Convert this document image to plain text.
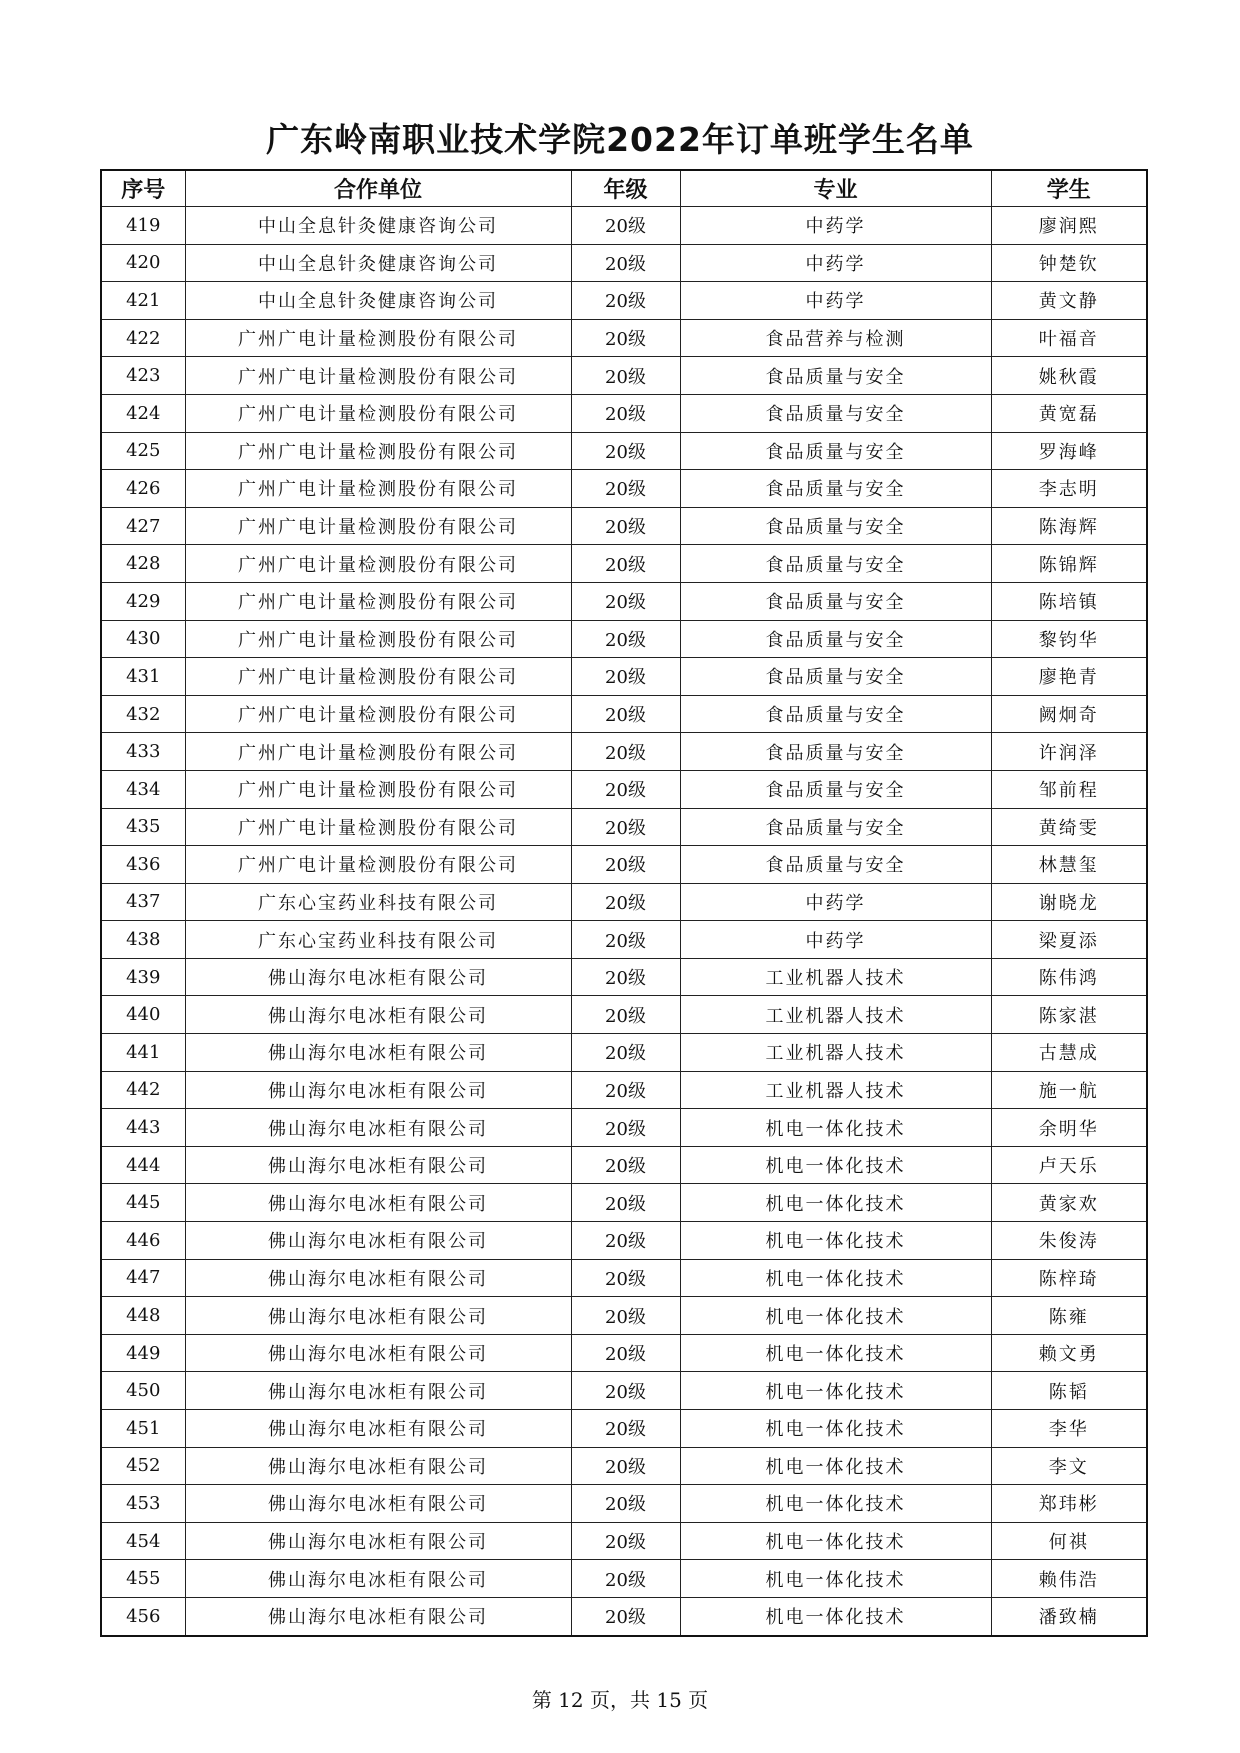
广东岭南职业技术学院2022年订单班学生名单
序号	合作单位	年级	专业	学生
419	中山全息针灸健康咨询公司	20级	中药学	廖润熙
420	中山全息针灸健康咨询公司	20级	中药学	钟楚钦
421	中山全息针灸健康咨询公司	20级	中药学	黄文静
422	广州广电计量检测股份有限公司	20级	食品营养与检测	叶福音
423	广州广电计量检测股份有限公司	20级	食品质量与安全	姚秋霞
424	广州广电计量检测股份有限公司	20级	食品质量与安全	黄宽磊
425	广州广电计量检测股份有限公司	20级	食品质量与安全	罗海峰
426	广州广电计量检测股份有限公司	20级	食品质量与安全	李志明
427	广州广电计量检测股份有限公司	20级	食品质量与安全	陈海辉
428	广州广电计量检测股份有限公司	20级	食品质量与安全	陈锦辉
429	广州广电计量检测股份有限公司	20级	食品质量与安全	陈培镇
430	广州广电计量检测股份有限公司	20级	食品质量与安全	黎钧华
431	广州广电计量检测股份有限公司	20级	食品质量与安全	廖艳青
432	广州广电计量检测股份有限公司	20级	食品质量与安全	阙炯奇
433	广州广电计量检测股份有限公司	20级	食品质量与安全	许润泽
434	广州广电计量检测股份有限公司	20级	食品质量与安全	邹前程
435	广州广电计量检测股份有限公司	20级	食品质量与安全	黄绮雯
436	广州广电计量检测股份有限公司	20级	食品质量与安全	林慧玺
437	广东心宝药业科技有限公司	20级	中药学	谢晓龙
438	广东心宝药业科技有限公司	20级	中药学	梁夏添
439	佛山海尔电冰柜有限公司	20级	工业机器人技术	陈伟鸿
440	佛山海尔电冰柜有限公司	20级	工业机器人技术	陈家湛
441	佛山海尔电冰柜有限公司	20级	工业机器人技术	古慧成
442	佛山海尔电冰柜有限公司	20级	工业机器人技术	施一航
443	佛山海尔电冰柜有限公司	20级	机电一体化技术	余明华
444	佛山海尔电冰柜有限公司	20级	机电一体化技术	卢天乐
445	佛山海尔电冰柜有限公司	20级	机电一体化技术	黄家欢
446	佛山海尔电冰柜有限公司	20级	机电一体化技术	朱俊涛
447	佛山海尔电冰柜有限公司	20级	机电一体化技术	陈梓琦
448	佛山海尔电冰柜有限公司	20级	机电一体化技术	陈雍
449	佛山海尔电冰柜有限公司	20级	机电一体化技术	赖文勇
450	佛山海尔电冰柜有限公司	20级	机电一体化技术	陈韬
451	佛山海尔电冰柜有限公司	20级	机电一体化技术	李华
452	佛山海尔电冰柜有限公司	20级	机电一体化技术	李文
453	佛山海尔电冰柜有限公司	20级	机电一体化技术	郑玮彬
454	佛山海尔电冰柜有限公司	20级	机电一体化技术	何祺
455	佛山海尔电冰柜有限公司	20级	机电一体化技术	赖伟浩
456	佛山海尔电冰柜有限公司	20级	机电一体化技术	潘致楠
第 12 页，共 15 页
